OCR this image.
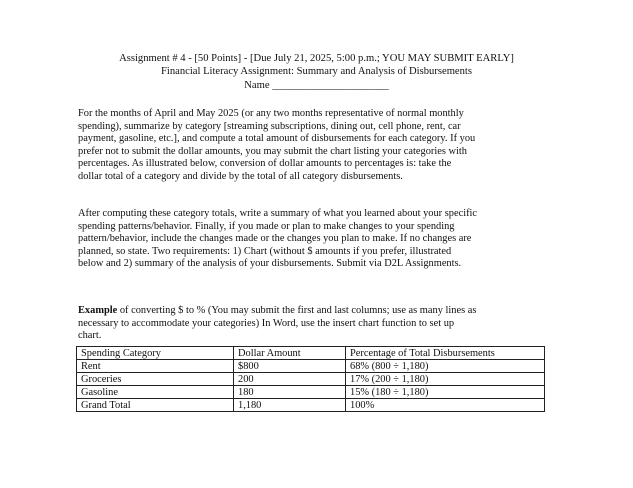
Assignment # 4 - [50 Points] - [Due July 21, 2025, 5:00 p.m.; YOU MAY SUBMIT EARLY]
Financial Literacy Assignment: Summary and Analysis of Disbursements
Name ______________________
For the months of April and May 2025 (or any two months representative of normal monthly
spending), summarize by category [streaming subscriptions, dining out, cell phone, rent, car
payment, gasoline, etc.], and compute a total amount of disbursements for each category. If you
prefer not to submit the dollar amounts, you may submit the chart listing your categories with
percentages. As illustrated below, conversion of dollar amounts to percentages is: take the
dollar total of a category and divide by the total of all category disbursements.
After computing these category totals, write a summary of what you learned about your specific
spending patterns/behavior. Finally, if you made or plan to make changes to your spending
pattern/behavior, include the changes made or the changes you plan to make. If no changes are
planned, so state. Two requirements: 1) Chart (without $ amounts if you prefer, illustrated
below and 2) summary of the analysis of your disbursements. Submit via D2L Assignments.
Example of converting $ to % (You may submit the first and last columns; use as many lines as
necessary to accommodate your categories) In Word, use the insert chart function to set up
chart.
Spending Category	Dollar Amount	Percentage of Total Disbursements
Rent	$800	68% (800 ÷ 1,180)
Groceries	200	17% (200 ÷ 1,180)
Gasoline	180	15% (180 ÷ 1,180)
Grand Total	1,180	100%
